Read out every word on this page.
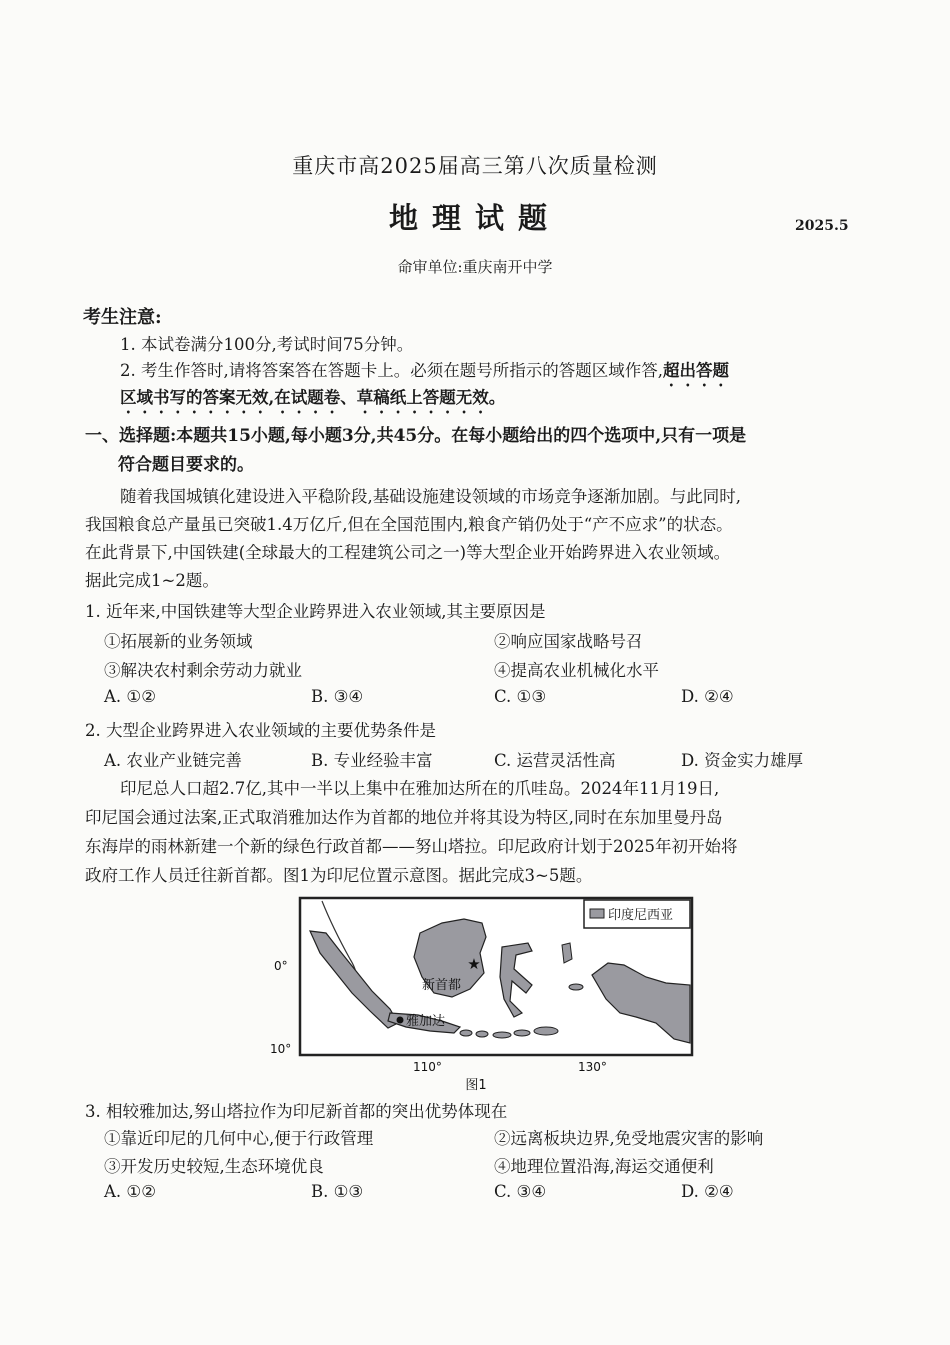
重庆市高2025届高三第八次质量检测
地理试题	2025.5
命审单位:重庆南开中学
考生注意:
1. 本试卷满分100分,考试时间75分钟。
2. 考生作答时,请将答案答在答题卡上。必须在题号所指示的答题区域作答,超出答题
区域书写的答案无效,在试题卷、草稿纸上答题无效。
一、选择题:本题共15小题,每小题3分,共45分。在每小题给出的四个选项中,只有一项是
符合题目要求的。
随着我国城镇化建设进入平稳阶段,基础设施建设领域的市场竞争逐渐加剧。与此同时,
我国粮食总产量虽已突破1.4万亿斤,但在全国范围内,粮食产销仍处于“产不应求”的状态。
在此背景下,中国铁建(全球最大的工程建筑公司之一)等大型企业开始跨界进入农业领域。
据此完成1~2题。
1. 近年来,中国铁建等大型企业跨界进入农业领域,其主要原因是
①拓展新的业务领域	②响应国家战略号召
③解决农村剩余劳动力就业	④提高农业机械化水平
A. ①②	B. ③④	C. ①③	D. ②④
2. 大型企业跨界进入农业领域的主要优势条件是
A. 农业产业链完善	B. 专业经验丰富	C. 运营灵活性高	D. 资金实力雄厚
印尼总人口超2.7亿,其中一半以上集中在雅加达所在的爪哇岛。2024年11月19日,
印尼国会通过法案,正式取消雅加达作为首都的地位并将其设为特区,同时在东加里曼丹岛
东海岸的雨林新建一个新的绿色行政首都——努山塔拉。印尼政府计划于2025年初开始将
政府工作人员迁往新首都。图1为印尼位置示意图。据此完成3~5题。
印度尼西亚
★
新首都
雅加达
0°
10°
110°	130°
图1
3. 相较雅加达,努山塔拉作为印尼新首都的突出优势体现在
①靠近印尼的几何中心,便于行政管理	②远离板块边界,免受地震灾害的影响
③开发历史较短,生态环境优良	④地理位置沿海,海运交通便利
A. ①②	B. ①③	C. ③④	D. ②④
